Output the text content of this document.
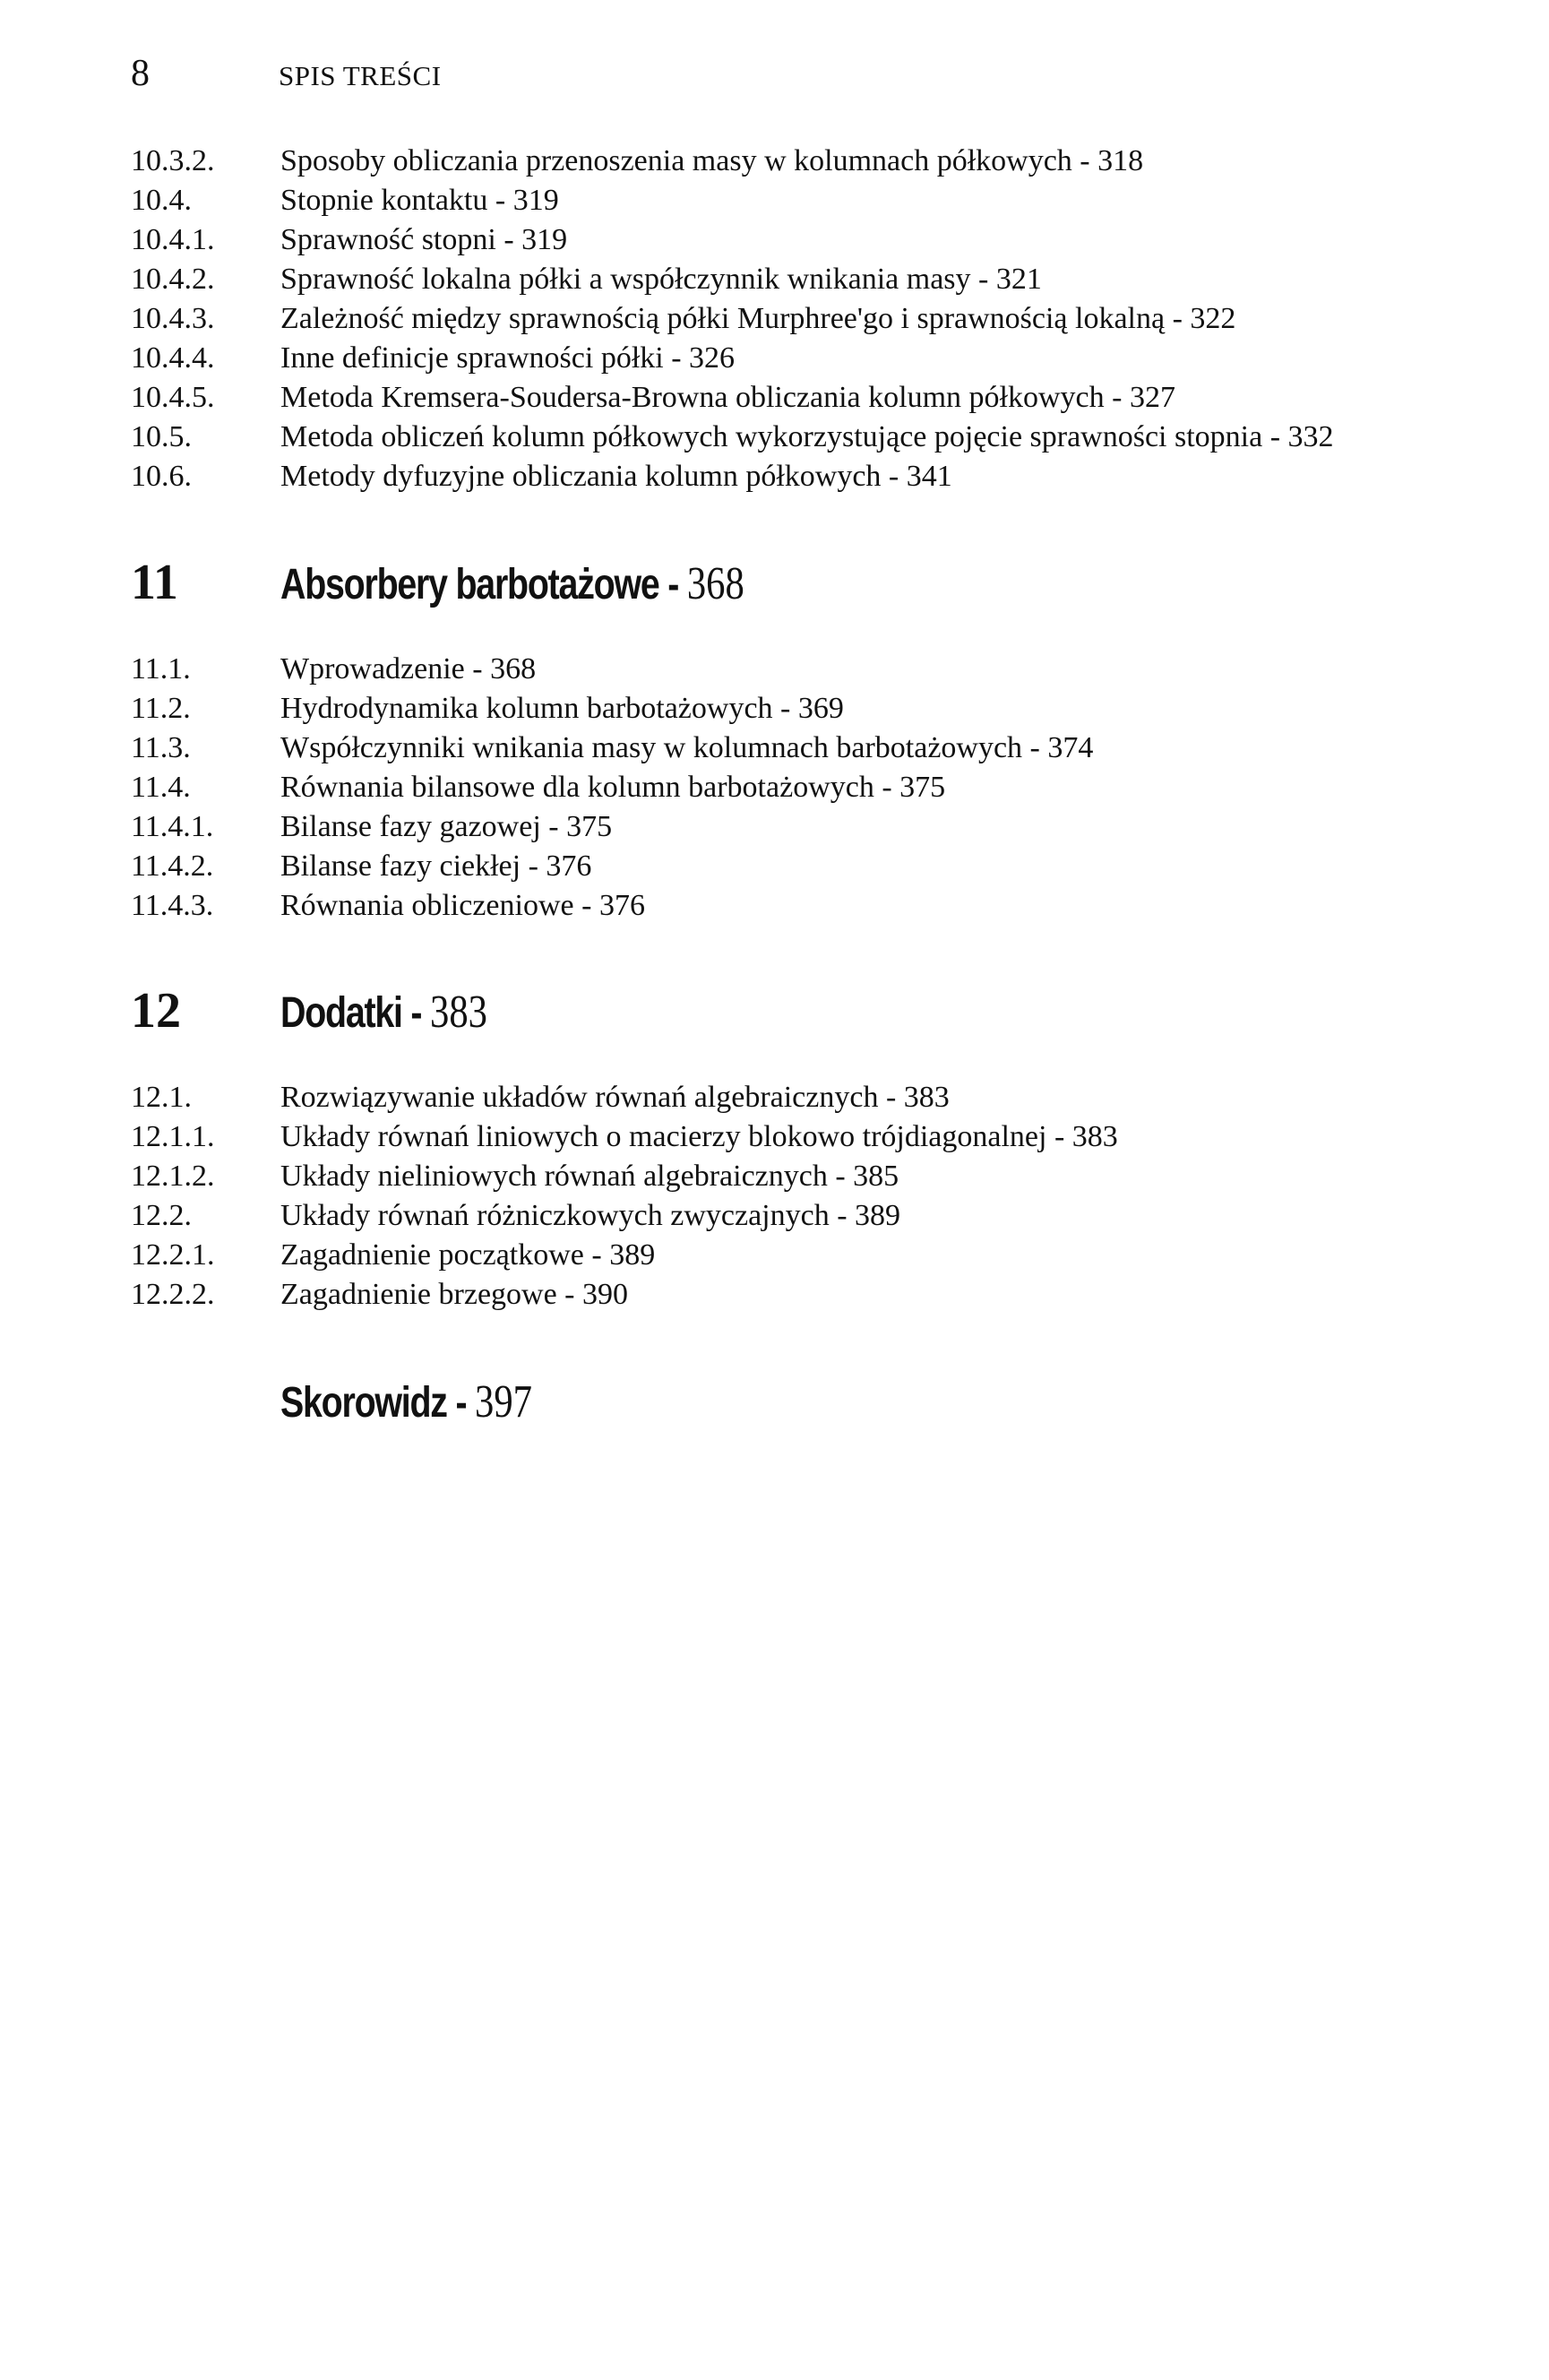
8	SPIS TREŚCI
10.3.2.	Sposoby obliczania przenoszenia masy w kolumnach półkowych - 318
10.4.	Stopnie kontaktu - 319
10.4.1.	Sprawność stopni - 319
10.4.2.	Sprawność lokalna półki a współczynnik wnikania masy - 321
10.4.3.	Zależność między sprawnością półki Murphree'go i sprawnością lokalną - 322
10.4.4.	Inne definicje sprawności półki - 326
10.4.5.	Metoda Kremsera-Soudersa-Browna obliczania kolumn półkowych - 327
10.5.	Metoda obliczeń kolumn półkowych wykorzystujące pojęcie sprawności stopnia - 332
10.6.	Metody dyfuzyjne obliczania kolumn półkowych - 341
11	Absorbery barbotażowe - 368
11.1.	Wprowadzenie - 368
11.2.	Hydrodynamika kolumn barbotażowych - 369
11.3.	Współczynniki wnikania masy w kolumnach barbotażowych - 374
11.4.	Równania bilansowe dla kolumn barbotażowych - 375
11.4.1.	Bilanse fazy gazowej - 375
11.4.2.	Bilanse fazy ciekłej - 376
11.4.3.	Równania obliczeniowe - 376
12	Dodatki - 383
12.1.	Rozwiązywanie układów równań algebraicznych - 383
12.1.1.	Układy równań liniowych o macierzy blokowo trójdiagonalnej - 383
12.1.2.	Układy nieliniowych równań algebraicznych - 385
12.2.	Układy równań różniczkowych zwyczajnych - 389
12.2.1.	Zagadnienie początkowe - 389
12.2.2.	Zagadnienie brzegowe - 390
Skorowidz - 397
